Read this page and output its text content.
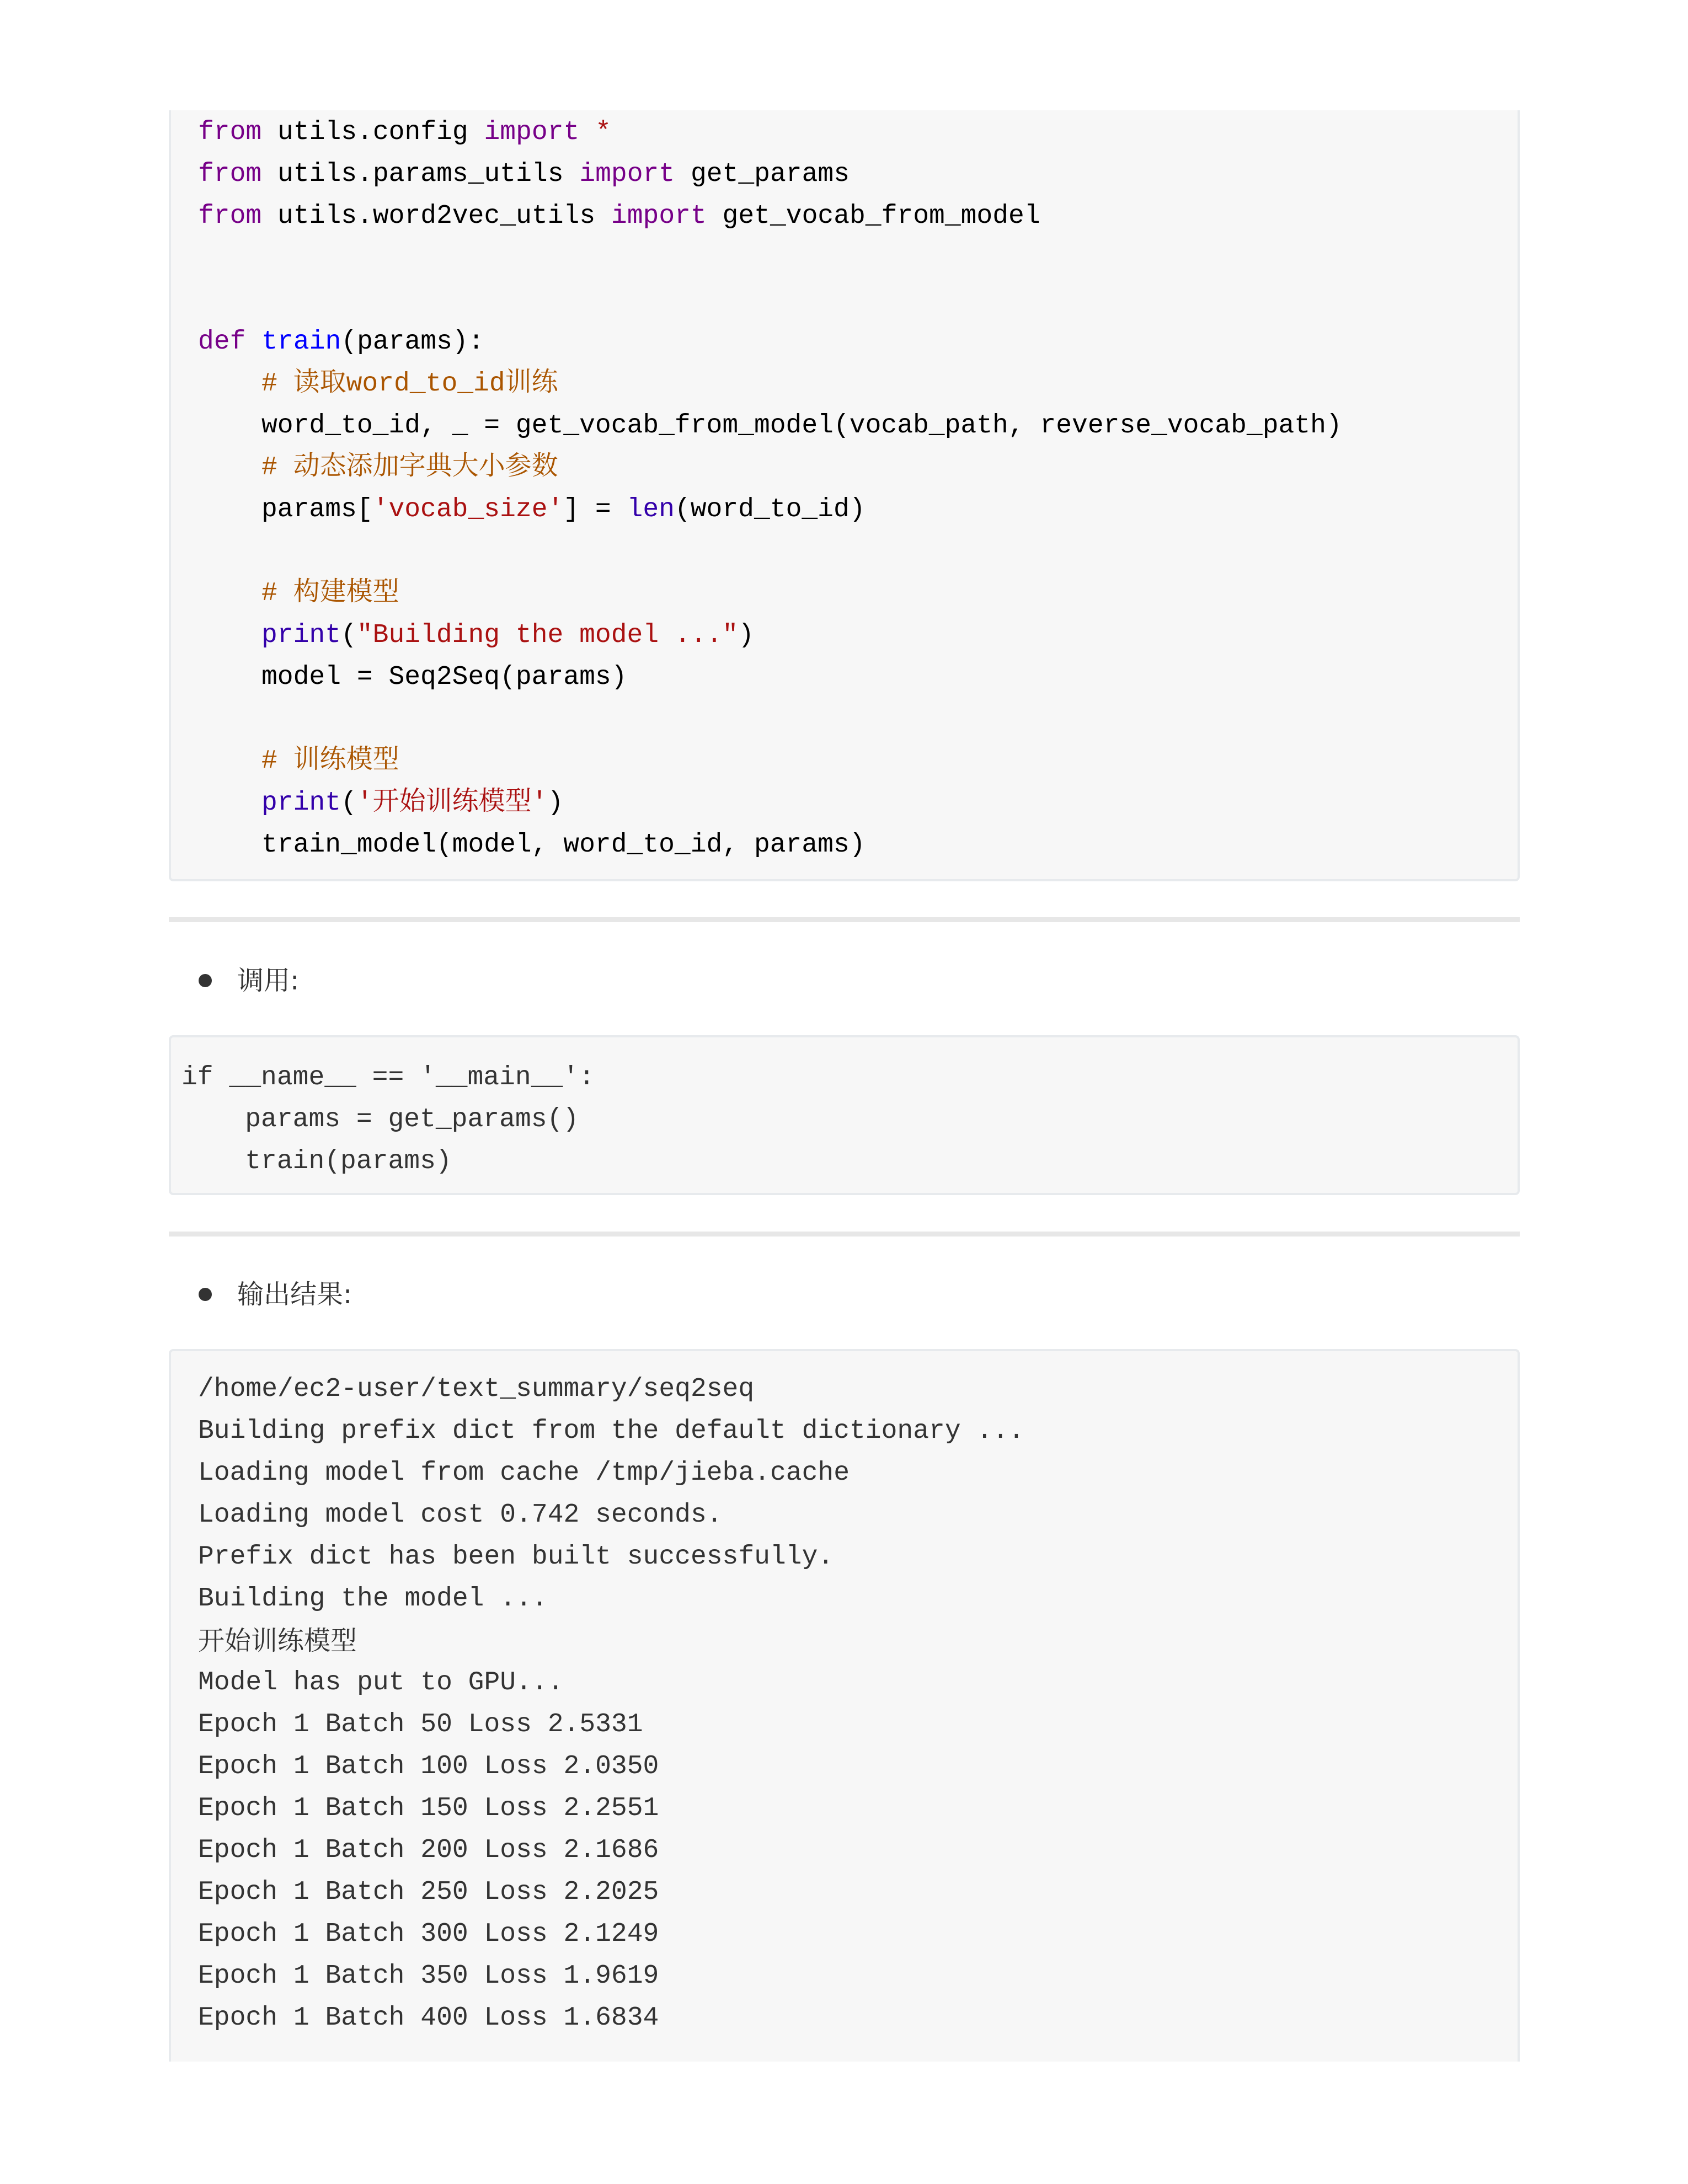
from utils.config import *
from utils.params_utils import get_params
from utils.word2vec_utils import get_vocab_from_model
def train(params):
# 读取word_to_id训练
word_to_id, _ = get_vocab_from_model(vocab_path, reverse_vocab_path)
# 动态添加字典大小参数
params['vocab_size'] = len(word_to_id)
# 构建模型
print("Building the model ...")
model = Seq2Seq(params)
# 训练模型
print('开始训练模型')
train_model(model, word_to_id, params)
调用:
if __name__ == '__main__':
params = get_params()
train(params)
输出结果:
/home/ec2-user/text_summary/seq2seq
Building prefix dict from the default dictionary ...
Loading model from cache /tmp/jieba.cache
Loading model cost 0.742 seconds.
Prefix dict has been built successfully.
Building the model ...
开始训练模型
Model has put to GPU...
Epoch 1 Batch 50 Loss 2.5331
Epoch 1 Batch 100 Loss 2.0350
Epoch 1 Batch 150 Loss 2.2551
Epoch 1 Batch 200 Loss 2.1686
Epoch 1 Batch 250 Loss 2.2025
Epoch 1 Batch 300 Loss 2.1249
Epoch 1 Batch 350 Loss 1.9619
Epoch 1 Batch 400 Loss 1.6834
